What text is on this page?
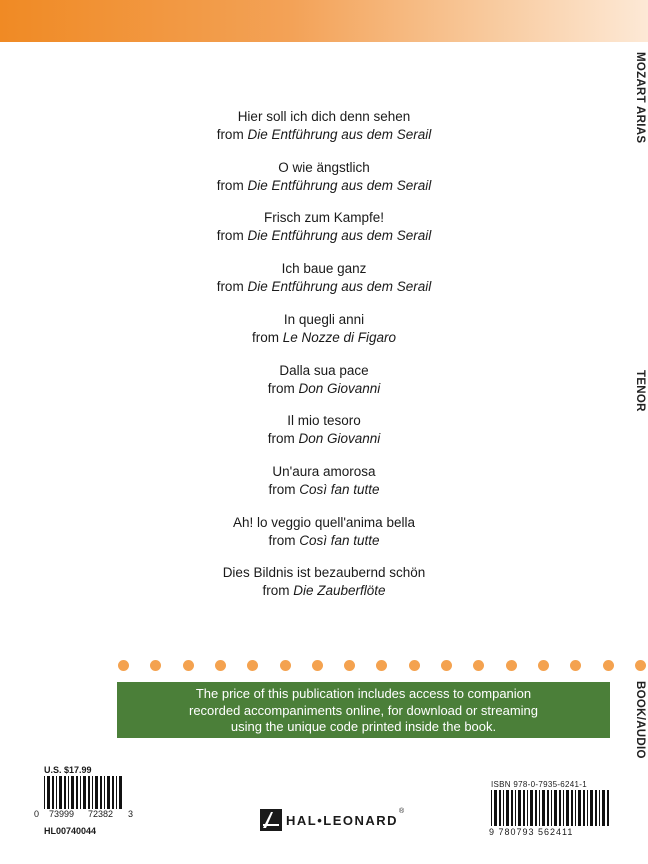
Hier soll ich dich denn sehen
from Die Entführung aus dem Serail
O wie ängstlich
from Die Entführung aus dem Serail
Frisch zum Kampfe!
from Die Entführung aus dem Serail
Ich baue ganz
from Die Entführung aus dem Serail
In quegli anni
from Le Nozze di Figaro
Dalla sua pace
from Don Giovanni
Il mio tesoro
from Don Giovanni
Un'aura amorosa
from Così fan tutte
Ah! lo veggio quell'anima bella
from Così fan tutte
Dies Bildnis ist bezaubernd schön
from Die Zauberflöte
MOZART ARIAS
TENOR
BOOK/AUDIO
The price of this publication includes access to companion
recorded accompaniments online, for download or streaming
using the unique code printed inside the book.
U.S. $17.99
0 73999 72382 3
HL00740044
HAL•LEONARD
®
ISBN 978-0-7935-6241-1
9 780793 562411
